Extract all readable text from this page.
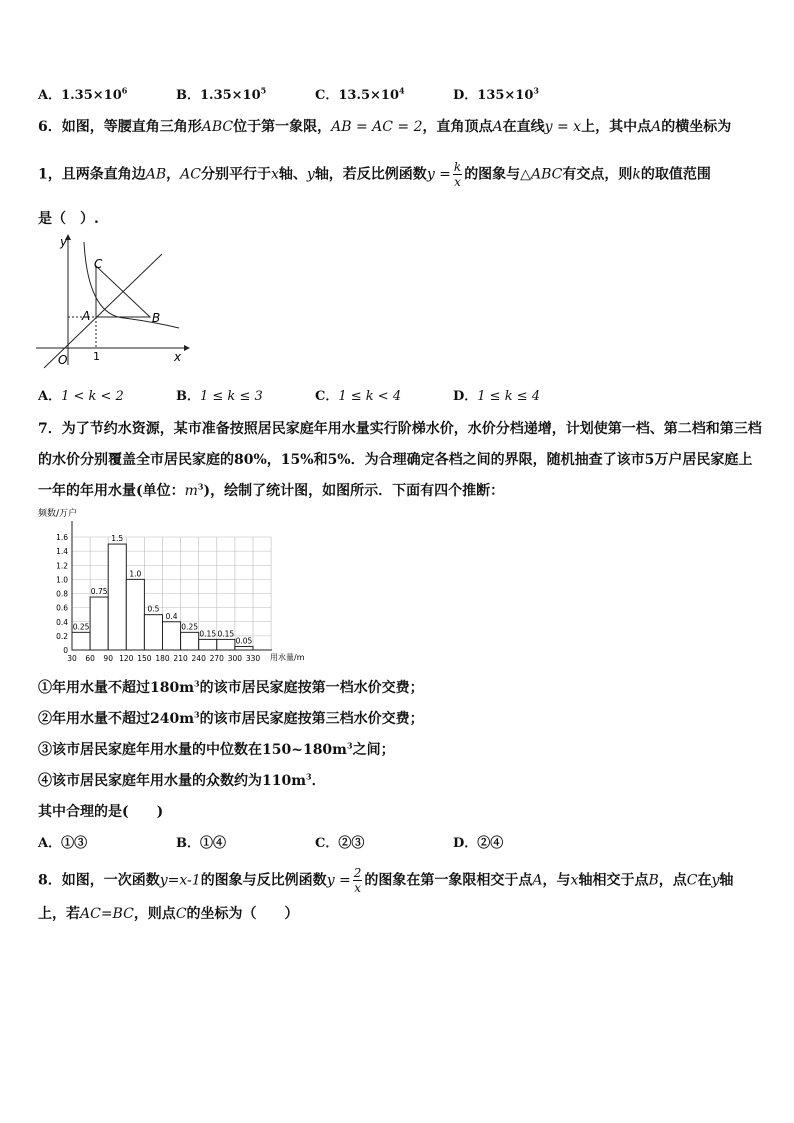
A．$1.35\times 10^6$	B．$1.35\times 10^5$	C．$13.5\times 10^4$	D．$135\times 10^3$
6．如图，等腰直角三角形ABC位于第一象限，AB = AC = 2，直角顶点A在直线y = x上，其中点A的横坐标为
1，且两条直角边AB，AC分别平行于x轴、y轴，若反比例函数$y = \frac{k}{x}$ 的图象与△ABC有交点，则k的取值范围
是（　）.
y
x
O 1
A	B
C
A．1 < k < 2	B．1 ≤ k ≤ 3	C．1 ≤ k < 4	D．1 ≤ k ≤ 4
7．为了节约水资源，某市准备按照居民家庭年用水量实行阶梯水价，水价分档递增，计划使第一档、第二档和第三档
的水价分别覆盖全市居民家庭的80%，15%和5%．为合理确定各档之间的界限，随机抽查了该市5万户居民家庭上
一年的年用水量(单位：$m^3$)，绘制了统计图，如图所示．下面有四个推断：
频数/万户
用水量/m
0.25
0.75
1.5
1.0
0.5
0.4
0.25
0.15 0.15
0.05
0
0.2
0.4
0.6
0.8
1.0
1.2
1.4
1.6
30 60 90 120 150 180 210 240 270 300 330
①年用水量不超过$180m^3$的该市居民家庭按第一档水价交费；
②年用水量不超过$240m^3$的该市居民家庭按第三档水价交费；
③该市居民家庭年用水量的中位数在$150\sim 180m^3$之间；
④该市居民家庭年用水量的众数约为$110m^3$．
其中合理的是(　　)
A．①③	B．①④	C．②③	D．②④
8．如图，一次函数y=x-1的图象与反比例函数$y = \frac{2}{x}$ 的图象在第一象限相交于点A，与x轴相交于点B，点C在y轴
上，若AC=BC，则点C的坐标为（　　）
